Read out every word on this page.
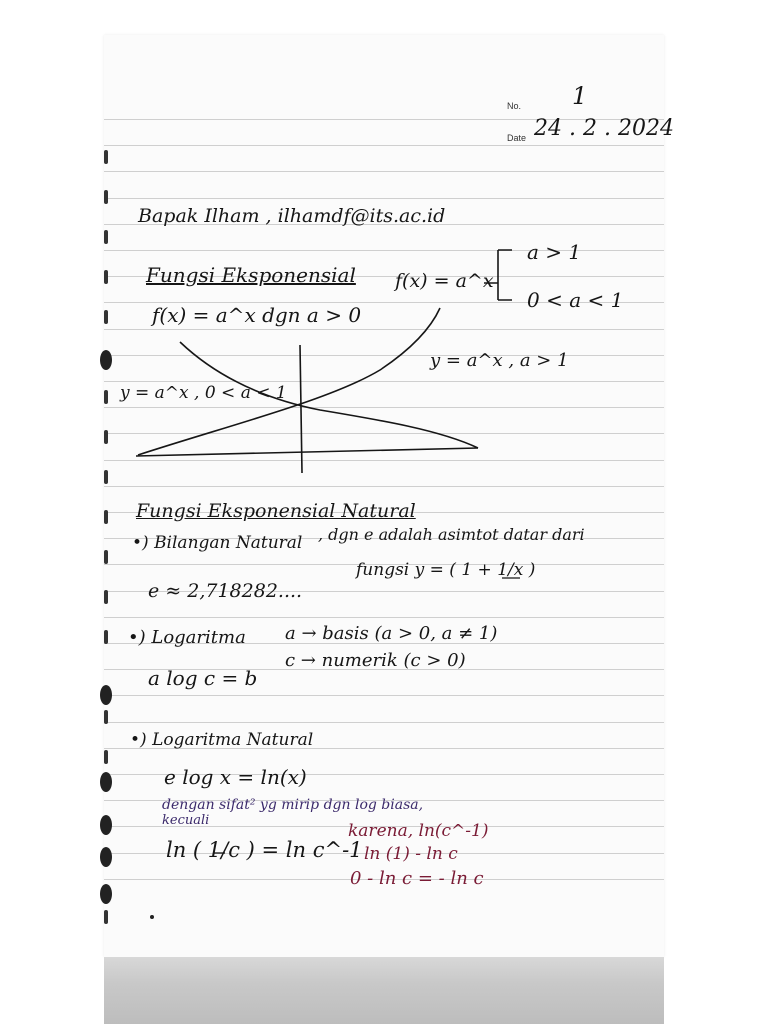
No. 1
Date 24 . 2 . 2024
Bapak Ilham , ilhamdf@its.ac.id
Fungsi Eksponensial
f(x) = a^x dgn a > 0
f(x) = a^x
a > 1
0 < a < 1
y = a^x , a > 1
y = a^x , 0 < a < 1
Fungsi Eksponensial Natural
•) Bilangan Natural , dgn e adalah asimtot datar dari
fungsi y = ( 1 + 1/x )
e ≈ 2,718282....
•) Logaritma
a log c = b
a → basis (a > 0, a ≠ 1)
c → numerik (c > 0)
•) Logaritma Natural
e log x = ln(x)
dengan sifat² yg mirip dgn log biasa,
kecuali
ln ( 1/c ) = ln c^-1
karena, ln(c^-1)
ln (1) - ln c
0 - ln c = - ln c
